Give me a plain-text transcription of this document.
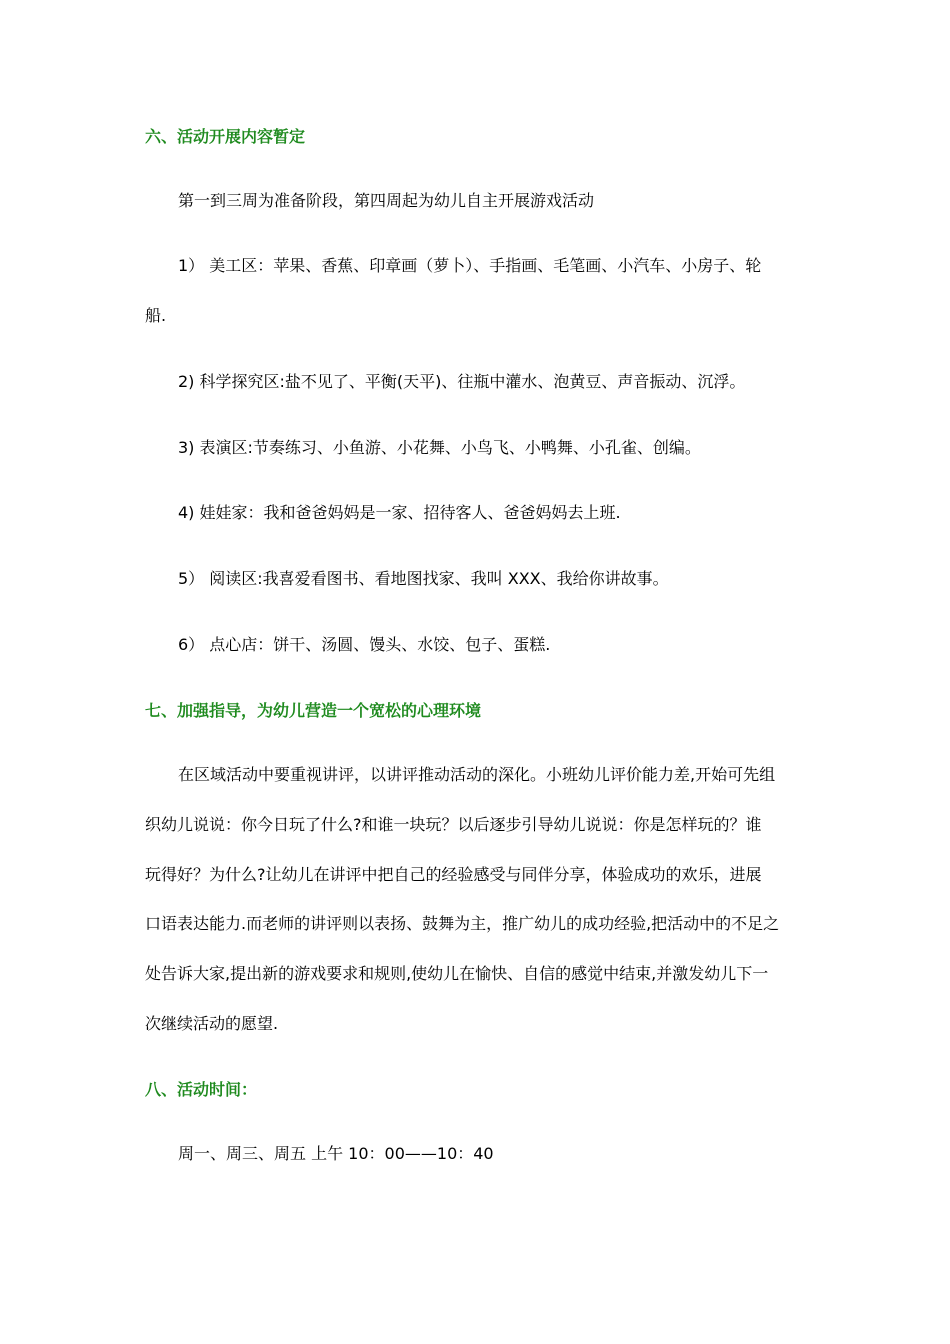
六、活动开展内容暂定
第一到三周为准备阶段，第四周起为幼儿自主开展游戏活动
1） 美工区：苹果、香蕉、印章画（萝卜）、手指画、毛笔画、小汽车、小房子、轮
船.
2) 科学探究区:盐不见了、平衡(天平)、往瓶中灌水、泡黄豆、声音振动、沉浮。
3) 表演区:节奏练习、小鱼游、小花舞、小鸟飞、小鸭舞、小孔雀、创编。
4) 娃娃家：我和爸爸妈妈是一家、招待客人、爸爸妈妈去上班.
5） 阅读区:我喜爱看图书、看地图找家、我叫 XXX、我给你讲故事。
6） 点心店：饼干、汤圆、馒头、水饺、包子、蛋糕.
七、加强指导，为幼儿营造一个宽松的心理环境
在区域活动中要重视讲评，以讲评推动活动的深化。小班幼儿评价能力差,开始可先组
织幼儿说说：你今日玩了什么?和谁一块玩？以后逐步引导幼儿说说：你是怎样玩的？谁
玩得好？为什么?让幼儿在讲评中把自己的经验感受与同伴分享，体验成功的欢乐，进展
口语表达能力.而老师的讲评则以表扬、鼓舞为主，推广幼儿的成功经验,把活动中的不足之
处告诉大家,提出新的游戏要求和规则,使幼儿在愉快、自信的感觉中结束,并激发幼儿下一
次继续活动的愿望.
八、活动时间：
周一、周三、周五 上午 10：00——10：40
